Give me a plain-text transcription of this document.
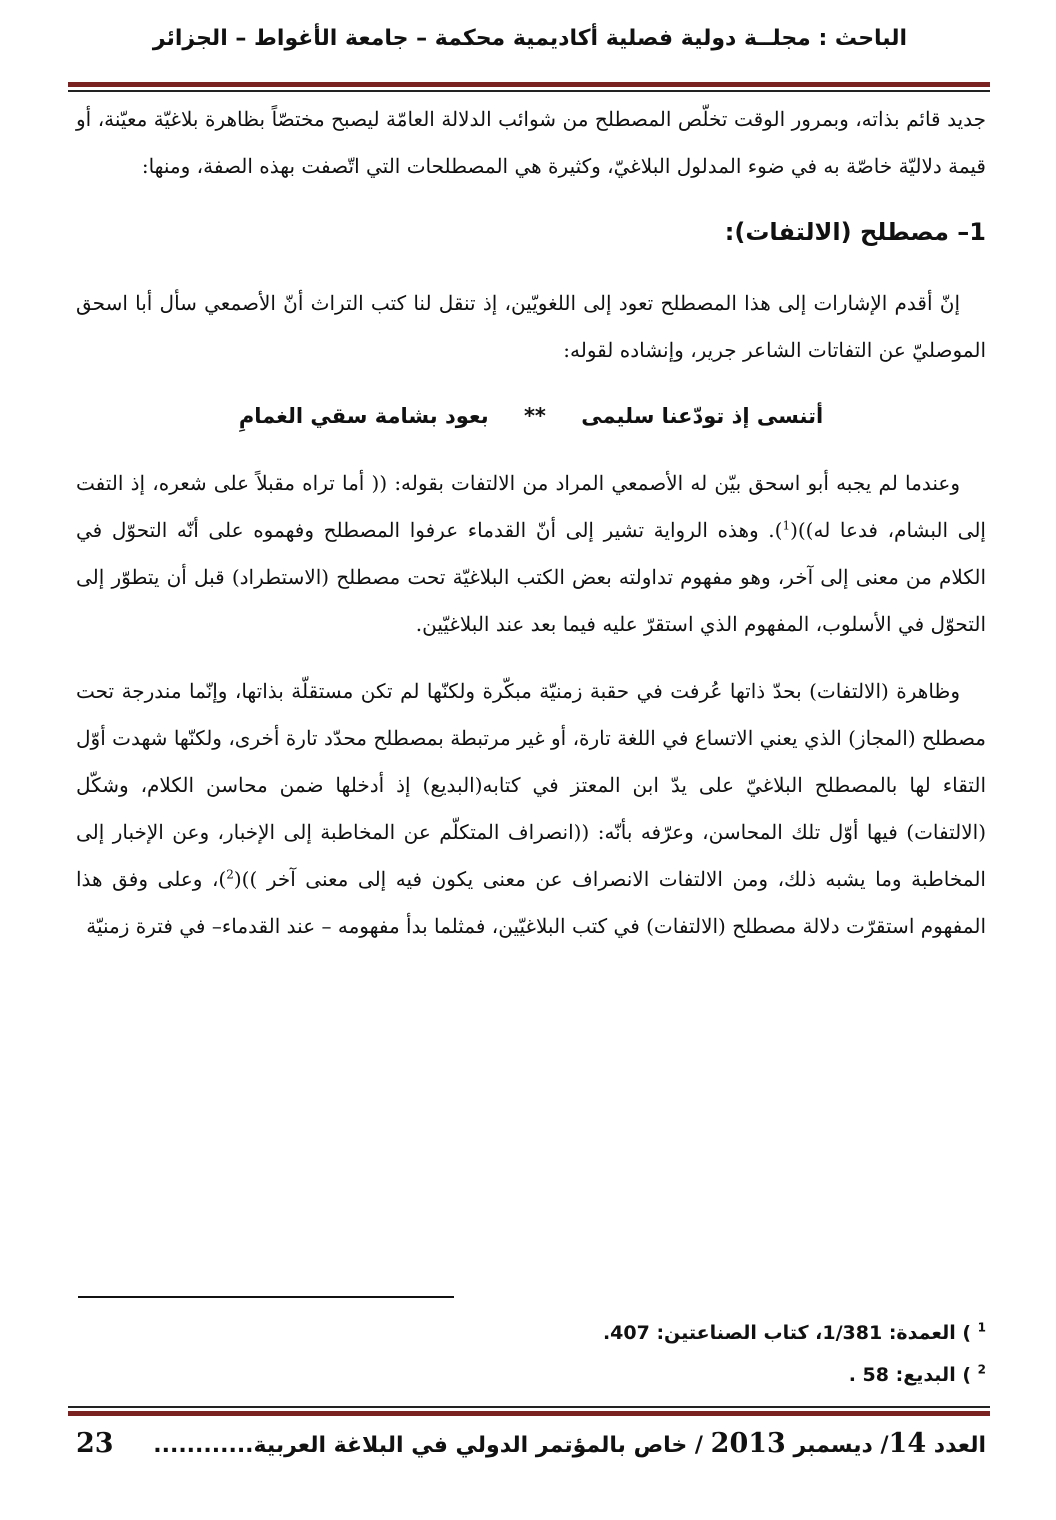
الباحث : مجلــة دولية فصلية أكاديمية محكمة – جامعة الأغواط – الجزائر

جديد قائم بذاته، وبمرور الوقت تخلّص المصطلح من شوائب الدلالة العامّة ليصبح مختصّاً بظاهرة بلاغيّة معيّنة، أو قيمة دلاليّة خاصّة به في ضوء المدلول البلاغيّ، وكثيرة هي المصطلحات التي اتّصفت بهذه الصفة، ومنها:

1– مصطلح (الالتفات):

إنّ أقدم الإشارات إلى هذا المصطلح تعود إلى اللغويّين، إذ تنقل لنا كتب التراث أنّ الأصمعي سأل أبا اسحق الموصليّ عن التفاتات الشاعر جرير، وإنشاده لقوله:

أتنسى إذ تودّعنا سليمى ** بعود بشامة سقي الغمامِ

وعندما لم يجبه أبو اسحق بيّن له الأصمعي المراد من الالتفات بقوله: (( أما تراه مقبلاً على شعره، إذ التفت إلى البشام، فدعا له))($^1$). وهذه الرواية تشير إلى أنّ القدماء عرفوا المصطلح وفهموه على أنّه التحوّل في الكلام من معنى إلى آخر، وهو مفهوم تداولته بعض الكتب البلاغيّة تحت مصطلح (الاستطراد) قبل أن يتطوّر إلى التحوّل في الأسلوب، المفهوم الذي استقرّ عليه فيما بعد عند البلاغيّين.

وظاهرة (الالتفات) بحدّ ذاتها عُرفت في حقبة زمنيّة مبكّرة ولكنّها لم تكن مستقلّة بذاتها، وإنّما مندرجة تحت مصطلح (المجاز) الذي يعني الاتساع في اللغة تارة، أو غير مرتبطة بمصطلح محدّد تارة أخرى، ولكنّها شهدت أوّل التقاء لها بالمصطلح البلاغيّ على يدّ ابن المعتز في كتابه(البديع) إذ أدخلها ضمن محاسن الكلام، وشكّل (الالتفات) فيها أوّل تلك المحاسن، وعرّفه بأنّه: ((انصراف المتكلّم عن المخاطبة إلى الإخبار، وعن الإخبار إلى المخاطبة وما يشبه ذلك، ومن الالتفات الانصراف عن معنى يكون فيه إلى معنى آخر ))($^2$)، وعلى وفق هذا المفهوم استقرّت دلالة مصطلح (الالتفات) في كتب البلاغيّين، فمثلما بدأ مفهومه – عند القدماء– في فترة زمنيّة

$^1$ ) العمدة: 1/381، كتاب الصناعتين: 407.
$^2$ ) البديع: 58 .
العدد 14/ ديسمبر 2013 / خاص بالمؤتمر الدولي في البلاغة العربية............
23
